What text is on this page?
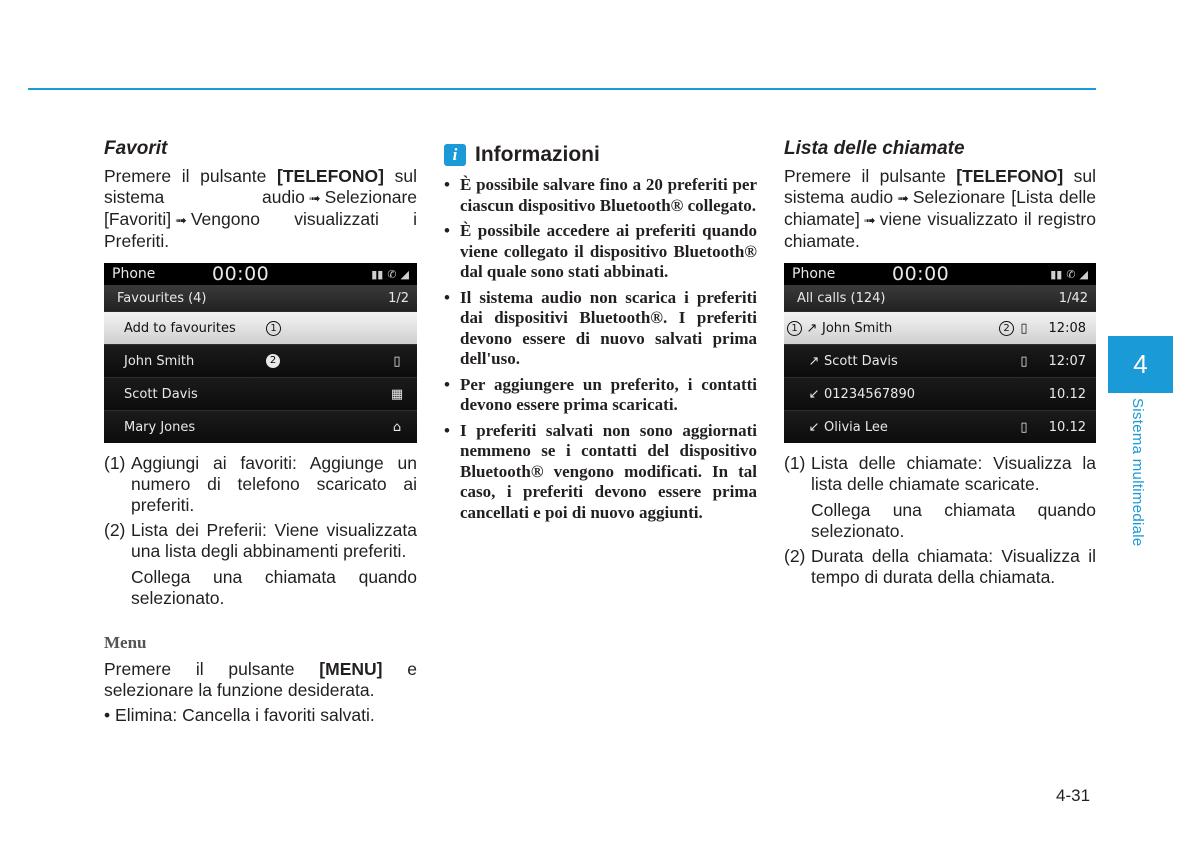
Favorit

Premere il pulsante [TELEFONO] sul sistema audio ➟ Selezionare [Favoriti] ➟ Vengono visualizzati i Preferiti.

Phone	00:00	▮▮ ✆ ◢
Favourites (4)	1/2
Add to favourites	1
John Smith	2	▯
Scott Davis	▦
Mary Jones	⌂
(1) Aggiungi ai favoriti: Aggiunge un numero di telefono scaricato ai preferiti.
(2) Lista dei Preferii: Viene visualizzata una lista degli abbinamenti preferiti.

Collega una chiamata quando selezionato.

Menu

Premere il pulsante [MENU] e selezionare la funzione desiderata.

• Elimina: Cancella i favoriti salvati.

i Informazioni
• È possibile salvare fino a 20 preferiti per ciascun dispositivo Bluetooth® collegato.
• È possibile accedere ai preferiti quando viene collegato il dispositivo Bluetooth® dal quale sono stati abbinati.
• Il sistema audio non scarica i preferiti dai dispositivi Bluetooth®. I preferiti devono essere di nuovo salvati prima dell'uso.
• Per aggiungere un preferito, i contatti devono essere prima scaricati.
• I preferiti salvati non sono aggiornati nemmeno se i contatti del dispositivo Bluetooth® vengono modificati. In tal caso, i preferiti devono essere prima cancellati e poi di nuovo aggiunti.

Lista delle chiamate

Premere il pulsante [TELEFONO] sul sistema audio ➟ Selezionare [Lista delle chiamate] ➟ viene visualizzato il registro chiamate.

Phone	00:00	▮▮ ✆ ◢
All calls (124)	1/42
1 ↗ John Smith	2 ▯	12:08
↗ Scott Davis	▯	12:07
↙ 01234567890	10.12
↙ Olivia Lee	▯	10.12
(1) Lista delle chiamate: Visualizza la lista delle chiamate scaricate.

Collega una chiamata quando selezionato.

(2) Durata della chiamata: Visualizza il tempo di durata della chiamata.
4
Sistema multimediale
4-31
